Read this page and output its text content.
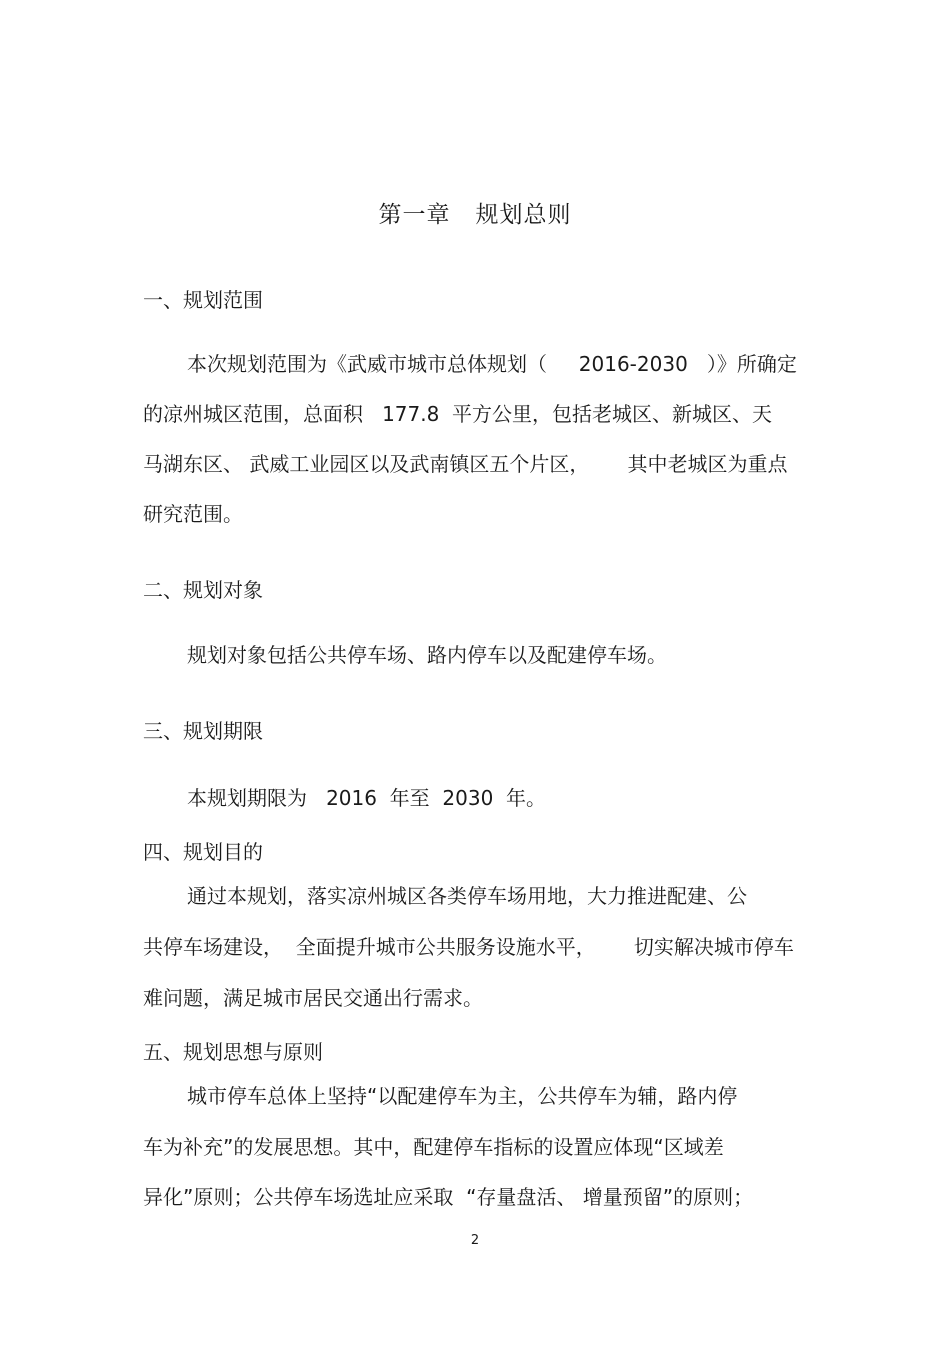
第一章   规划总则
一、规划范围
本次规划范围为《武威市城市总体规划（     2016-2030   ）》所确定
的凉州城区范围，总面积   177.8  平方公里，包括老城区、新城区、天
马湖东区、 武威工业园区以及武南镇区五个片区，      其中老城区为重点
研究范围。
二、规划对象
规划对象包括公共停车场、路内停车以及配建停车场。
三、规划期限
本规划期限为   2016  年至  2030  年。
四、规划目的
通过本规划，落实凉州城区各类停车场用地，大力推进配建、公
共停车场建设，  全面提升城市公共服务设施水平，      切实解决城市停车
难问题，满足城市居民交通出行需求。
五、规划思想与原则
城市停车总体上坚持“以配建停车为主，公共停车为辅，路内停
车为补充”的发展思想。其中，配建停车指标的设置应体现“区域差
异化”原则；公共停车场选址应采取  “存量盘活、 增量预留”的原则；
2
